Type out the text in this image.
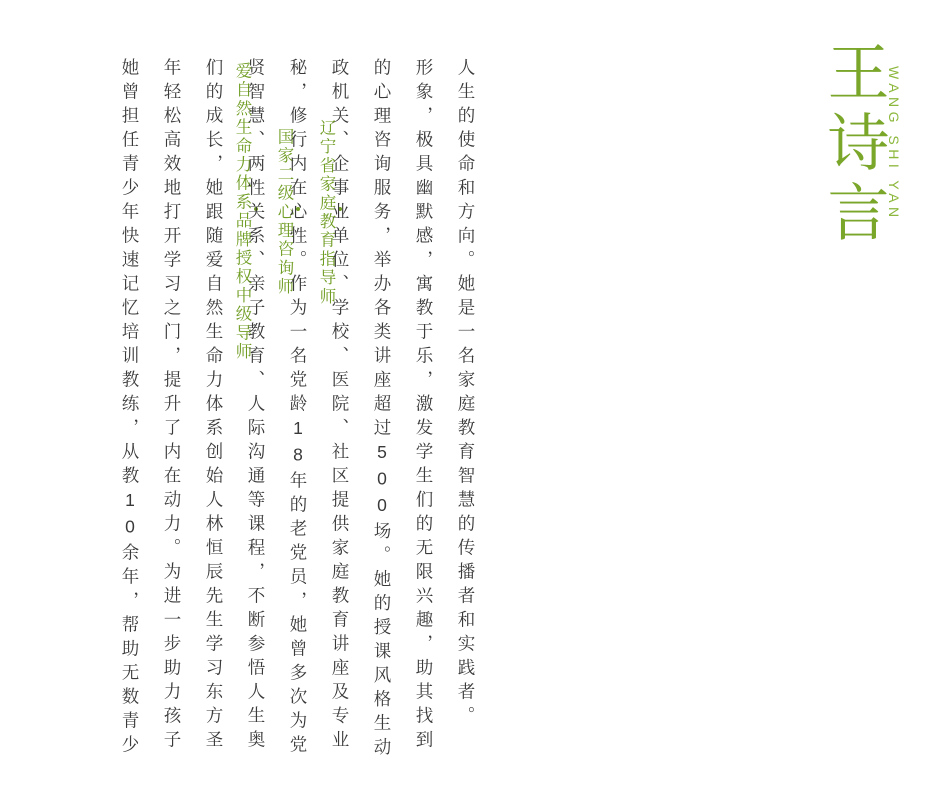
王诗言 WANG SHI YAN
爱自然生命力体系品牌授权中级导师 国家二级心理咨询师 辽宁省家庭教育指导师
她曾担任青少年快速记忆培训教练，从教10余年，帮助无数青少 年轻松高效地打开学习之门，提升了内在动力。为进一步助力孩子 们的成长，她跟随爱自然生命力体系创始人林恒辰先生学习东方圣 贤智慧、两性关系、亲子教育、人际沟通等课程，不断参悟人生奥 秘，修行内在心性。作为一名党龄18年的老党员，她曾多次为党 政机关、企事业单位、学校、医院、社区提供家庭教育讲座及专业 的心理咨询服务，举办各类讲座超过500场。她的授课风格生动 形象，极具幽默感，寓教于乐，激发学生们的无限兴趣，助其找到 人生的使命和方向。她是一名家庭教育智慧的传播者和实践者。
